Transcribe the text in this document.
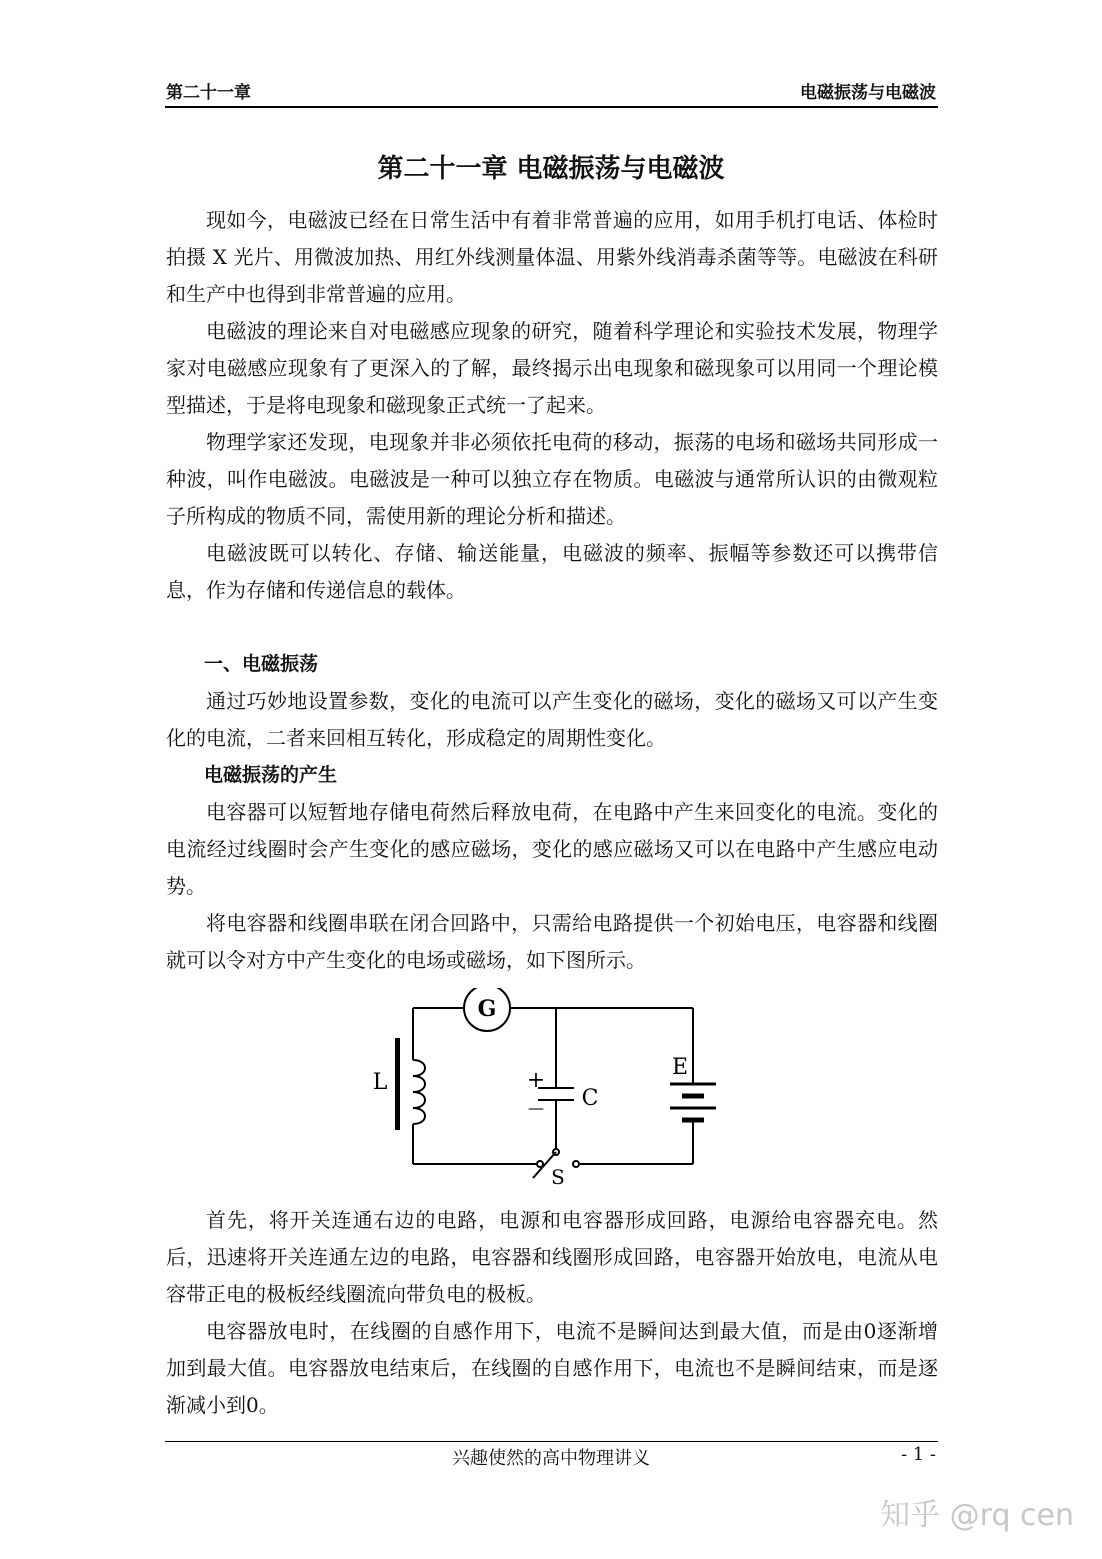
第二十一章	电磁振荡与电磁波
第二十一章 电磁振荡与电磁波

现如今，电磁波已经在日常生活中有着非常普遍的应用，如用手机打电话、体检时拍摄 X 光片、用微波加热、用红外线测量体温、用紫外线消毒杀菌等等。电磁波在科研和生产中也得到非常普遍的应用。

电磁波的理论来自对电磁感应现象的研究，随着科学理论和实验技术发展，物理学家对电磁感应现象有了更深入的了解，最终揭示出电现象和磁现象可以用同一个理论模型描述，于是将电现象和磁现象正式统一了起来。

物理学家还发现，电现象并非必须依托电荷的移动，振荡的电场和磁场共同形成一种波，叫作电磁波。电磁波是一种可以独立存在物质。电磁波与通常所认识的由微观粒子所构成的物质不同，需使用新的理论分析和描述。

电磁波既可以转化、存储、输送能量，电磁波的频率、振幅等参数还可以携带信息，作为存储和传递信息的载体。

一、电磁振荡

通过巧妙地设置参数，变化的电流可以产生变化的磁场，变化的磁场又可以产生变化的电流，二者来回相互转化，形成稳定的周期性变化。

电磁振荡的产生

电容器可以短暂地存储电荷然后释放电荷，在电路中产生来回变化的电流。变化的电流经过线圈时会产生变化的感应磁场，变化的感应磁场又可以在电路中产生感应电动势。

将电容器和线圈串联在闭合回路中，只需给电路提供一个初始电压，电容器和线圈就可以令对方中产生变化的电场或磁场，如下图所示。

G
L	+
— C
S
E

首先，将开关连通右边的电路，电源和电容器形成回路，电源给电容器充电。然后，迅速将开关连通左边的电路，电容器和线圈形成回路，电容器开始放电，电流从电容带正电的极板经线圈流向带负电的极板。

电容器放电时，在线圈的自感作用下，电流不是瞬间达到最大值，而是由0逐渐增加到最大值。电容器放电结束后，在线圈的自感作用下，电流也不是瞬间结束，而是逐渐减小到0。

兴趣使然的高中物理讲义	- 1 -
知乎 @rq cen
